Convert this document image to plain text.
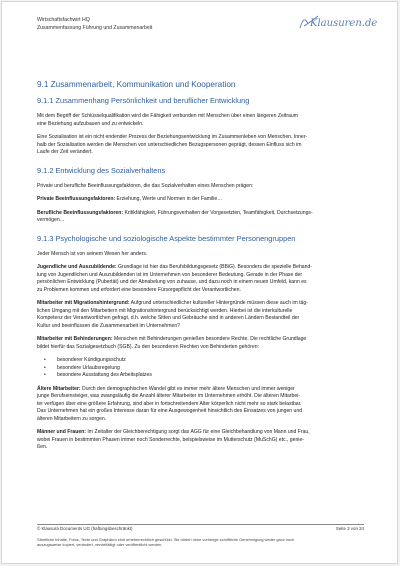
Wirtschaftsfachwirt HQ
Zusammenfassung Führung und Zusammenarbeit	Klausuren.de
9.1 Zusammenarbeit, Kommunikation und Kooperation
9.1.1 Zusammenhang Persönlichkeit und beruflicher Entwicklung

Mit dem Begriff der Schlüsselqualifikation wird die Fähigkeit verbunden mit Menschen über einen längeren Zeitraum

eine Beziehung aufzubauen und zu entwickeln.

Eine Sozialisation ist ein nicht endender Prozess der Beziehungsentwicklung im Zusammenleben von Menschen. Inner-

halb der Sozialisation werden die Menschen von unterschiedlichen Bezugspersonen geprägt, dessen Einfluss sich im

Laufe der Zeit verändert.

9.1.2 Entwicklung des Sozialverhaltens

Private und berufliche Beeinflussungsfaktoren, die das Sozialverhalten eines Menschen prägen:

Private Beeinflussungsfaktoren: Erziehung, Werte und Normen in der Familie…

Berufliche Beeinflussungsfaktoren: Kritikfähigkeit, Führungsverhalten der Vorgesetzten, Teamfähigkeit, Durchsetzungs-

vermögen…

9.1.3 Psychologische und soziologische Aspekte bestimmter Personengruppen

Jeder Mensch ist von seinem Wesen her anders.

Jugendliche und Auszubildende: Grundlage ist hier das Berufsbildungsgesetz (BBiG). Besonders die spezielle Behand-

lung von Jugendlichen und Auszubildenden ist im Unternehmen von besonderer Bedeutung. Gerade in der Phase der

persönlichen Entwicklung (Pubertät) und der Abnabelung von zuhause, und dazu noch in einem neuen Umfeld, kann es

zu Problemen kommen und erfordert eine besondere Fürsorgepflicht der Verantwortlichen.

Mitarbeiter mit Migrationshintergrund: Aufgrund unterschiedlicher kultureller Hintergründe müssen diese auch im täg-

lichen Umgang mit den Mitarbeitern mit Migrationshintergrund berücksichtigt werden. Hierbei ist die interkulturelle

Kompetenz der Verantwortlichen gefragt, d.h. welche Sitten und Gebräuche sind in anderen Ländern Bestandteil der

Kultur und beeinflussen die Zusammenarbeit im Unternehmen?

Mitarbeiter mit Behinderungen: Menschen mit Behinderungen genießen besondere Rechte. Die rechtliche Grundlage

bildet hierfür das Sozialgesetzbuch (SGB). Zu den besonderen Rechten von Behinderten gehören:

• besonderer Kündigungsschutz
• besondere Urlaubsregelung
• besondere Ausstattung des Arbeitsplatzes

Ältere Mitarbeiter: Durch den demographischen Wandel gibt es immer mehr ältere Menschen und immer weniger

junge Berufseinsteiger, was zwangsläufig die Anzahl älterer Mitarbeiter im Unternehmen erhöht. Die älteren Mitarbei-

ter verfügen über eine größere Erfahrung, sind aber in fortschreitendem Alter körperlich nicht mehr so stark belastbar.

Das Unternehmen hat ein großes Interesse daran für eine Ausgewogenheit hinsichtlich des Einsatzes von jungen und

älteren Mitarbeitern zu sorgen.

Männer und Frauen: Im Zeitalter der Gleichberechtigung sorgt das AGG für eine Gleichbehandlung von Mann und Frau,

wobei Frauen in bestimmten Phasen immer noch Sonderrechte, beispielsweise im Mutterschutz (MuSchG) etc., genie-

ßen.

© Klausura Documents UG (haftungsbeschränkt)	Seite 3 von 24
Sämtliche Inhalte, Fotos, Texte und Graphiken sind urheberrechtlich geschützt. Sie dürfen ohne vorherige schriftliche Genehmigung weder ganz noch
auszugsweise kopiert, verändert, vervielfältigt oder veröffentlicht werden.
